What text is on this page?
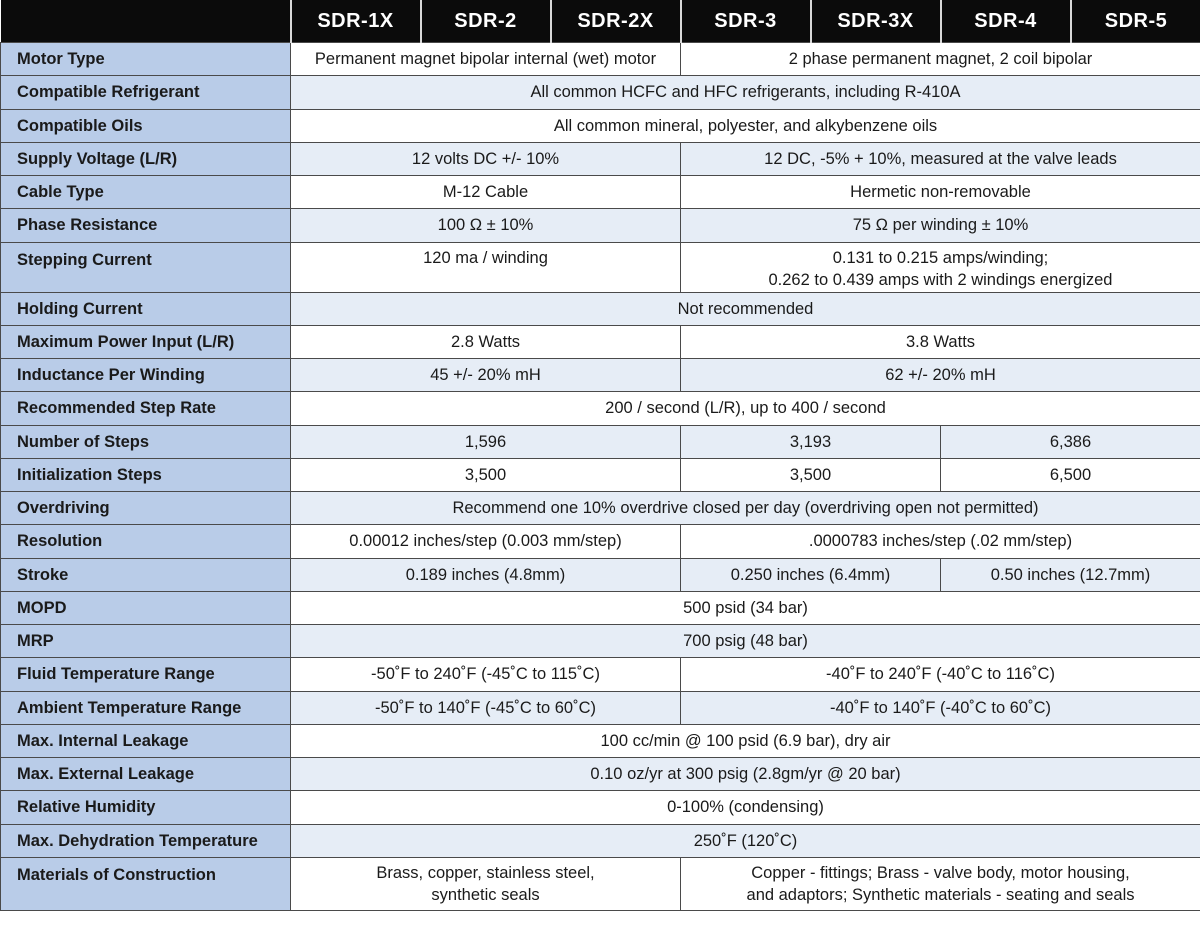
	SDR-1X	SDR-2	SDR-2X	SDR-3	SDR-3X	SDR-4	SDR-5
Motor Type	Permanent magnet bipolar internal (wet) motor			2 phase permanent magnet, 2 coil bipolar			
Compatible Refrigerant	All common HCFC and HFC refrigerants, including R-410A						
Compatible Oils	All common mineral, polyester, and alkybenzene oils						
Supply Voltage (L/R)	12 volts DC +/- 10%			12 DC, -5% + 10%, measured at the valve leads			
Cable Type	M-12 Cable			Hermetic non-removable			
Phase Resistance	100 Ω ± 10%			75 Ω per winding ± 10%			
Stepping Current	120 ma / winding			0.131 to 0.215 amps/winding;
0.262 to 0.439 amps with 2 windings energized			

Holding Current	Not recommended						
Maximum Power Input (L/R)	2.8 Watts			3.8 Watts			
Inductance Per Winding	45 +/- 20% mH			62 +/- 20% mH			
Recommended Step Rate	200 / second (L/R), up to 400 / second						
Number of Steps	1,596			3,193		6,386	
Initialization Steps	3,500			3,500		6,500	
Overdriving	Recommend one 10% overdrive closed per day (overdriving open not permitted)						
Resolution	0.00012 inches/step (0.003 mm/step)			.0000783 inches/step (.02 mm/step)			
Stroke	0.189 inches (4.8mm)			0.250 inches (6.4mm)		0.50 inches (12.7mm)	
MOPD	500 psid (34 bar)						
MRP	700 psig (48 bar)						
Fluid Temperature Range	-50˚F to 240˚F (-45˚C to 115˚C)			-40˚F to 240˚F (-40˚C to 116˚C)			
Ambient Temperature Range	-50˚F to 140˚F (-45˚C to 60˚C)			-40˚F to 140˚F (-40˚C to 60˚C)			
Max. Internal Leakage	100 cc/min @ 100 psid (6.9 bar), dry air						
Max. External Leakage	0.10 oz/yr at 300 psig (2.8gm/yr @ 20 bar)						
Relative Humidity	0-100% (condensing)						
Max. Dehydration Temperature	250˚F (120˚C)						
Materials of Construction	Brass, copper, stainless steel,
synthetic seals			Copper - fittings; Brass - valve body, motor housing,
and adaptors; Synthetic materials - seating and seals			
